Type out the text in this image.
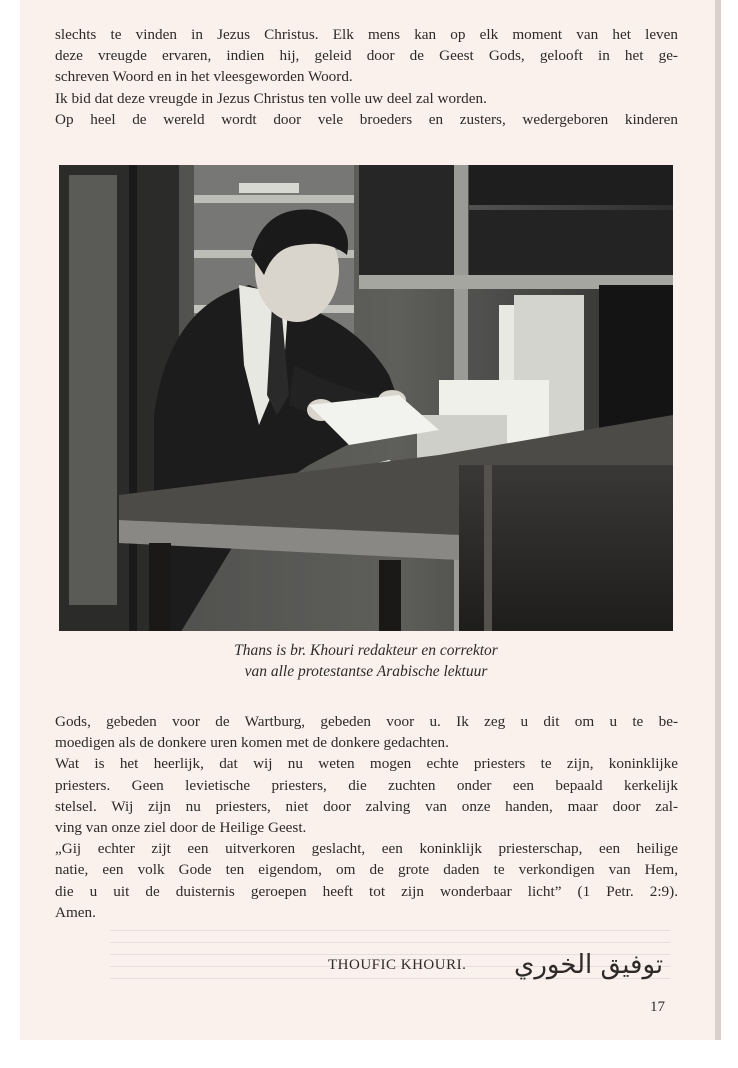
slechts te vinden in Jezus Christus. Elk mens kan op elk moment van het leven
deze vreugde ervaren, indien hij, geleid door de Geest Gods, gelooft in het ge-
schreven Woord en in het vleesgeworden Woord.
Ik bid dat deze vreugde in Jezus Christus ten volle uw deel zal worden.
Op heel de wereld wordt door vele broeders en zusters, wedergeboren kinderen
Thans is br. Khouri redakteur en correktor
van alle protestantse Arabische lektuur
Gods, gebeden voor de Wartburg, gebeden voor u. Ik zeg u dit om u te be-
moedigen als de donkere uren komen met de donkere gedachten.
Wat is het heerlijk, dat wij nu weten mogen echte priesters te zijn, koninklijke
priesters. Geen levietische priesters, die zuchten onder een bepaald kerkelijk
stelsel. Wij zijn nu priesters, niet door zalving van onze handen, maar door zal-
ving van onze ziel door de Heilige Geest.
„Gij echter zijt een uitverkoren geslacht, een koninklijk priesterschap, een heilige
natie, een volk Gode ten eigendom, om de grote daden te verkondigen van Hem,
die u uit de duisternis geroepen heeft tot zijn wonderbaar licht” (1 Petr. 2:9).
Amen.
THOUFIC KHOURI. توفيق الخوري
17
